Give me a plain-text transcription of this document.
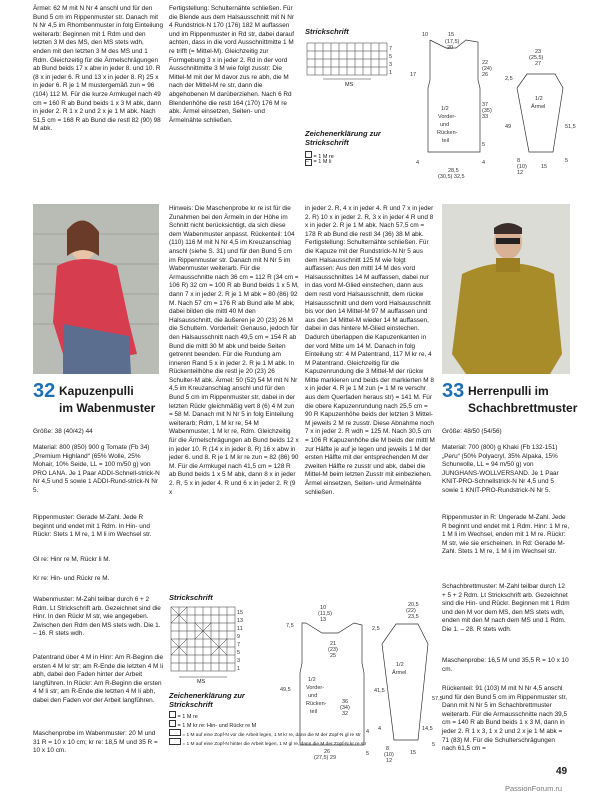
Ärmel: 62 M mit N Nr 4 anschl und für den Bund 5 cm im Rippenmuster str. Danach mit N Nr 4,5 im Rhombenmuster in folg Einteilung weiterarb: Beginnen mit 1 Rdm und den letzten 3 M des MS, den MS stets wdh, enden mit den letzten 3 M des MS und 1 Rdm. Gleichzeitig für die Ärmelschrägungen ab Bund beids 17 x abw in jeder 8. und 10. R (8 x in jeder 6. R und 13 x in jeder 8. R) 25 x in jeder 6. R je 1 M mustergemäß zun = 96 (104) 112 M. Für die kurze Armkugel nach 49 cm = 160 R ab Bund beids 1 x 3 M abk, dann in jeder 2. R 1 x 2 und 2 x je 1 M abk. Nach 51,5 cm = 168 R ab Bund die restl 82 (90) 98 M abk.

Fertigstellung: Schulternähte schließen. Für die Blende aus dem Halsausschnitt mit N Nr 4 Rundstrick-N 170 (176) 182 M auffassen und im Rippenmuster in Rd str, dabei darauf achten, dass in die vord Ausschnittmitte 1 M re trifft (= Mittel-M). Gleichzeitig zur Formgebung 3 x in jeder 2. Rd in der vord Ausschnittmitte 3 M wie folgt zusstr: Die Mittel-M mit der M davor zus re abh, die M nach der Mittel-M re str, dann die abgehobenen M darüberziehen. Nach 6 Rd Blendenhöhe die restl 164 (170) 176 M re abk. Ärmel einsetzen, Seiten- und Ärmelnähte schließen.

Strickschrift
7
5
3
1
MS
Zeichenerklärung zur Strickschrift
= 1 M re
– = 1 M li
10	15
(17,5)
20
17
22
(24)
26
37
(35)
33
4	4
28,5
(30,5) 32,5
5
1/2
Vorder-
und
Rücken-
teil
23
(25,5)
27
2,5
49	51,5
1/2
Ärmel
8
(10)
12
15
5
32 Kapuzenpulli
im Wabenmuster

Größe: 38 (40/42) 44

Material: 800 (850) 900 g Tomate (Fb 34) „Premium Highland“ (65% Wolle, 25% Mohair, 10% Seide, LL = 100 m/50 g) von PRO LANA. Je 1 Paar ADDI-Schnell-strick-N Nr 4,5 und 5 sowie 1 ADDI-Rund-strick-N Nr 5.

Rippenmuster: Gerade M-Zahl. Jede R beginnt und endet mit 1 Rdm. In Hin- und Rückr: Stets 1 M re, 1 M li im Wechsel str.

Gl re: Hinr re M, Rückr li M.

Kr re: Hin- und Rückr re M.

Wabenmuster: M-Zahl teilbar durch 6 + 2 Rdm. Lt Strickschrift arb. Gezeichnet sind die Hinr. In den Rückr M str, wie angegeben. Zwischen den Rdm den MS stets wdh. Die 1. – 16. R stets wdh.

Patentrand über 4 M in Hinr: Am R-Beginn die ersten 4 M kr str; am R-Ende die letzten 4 M li abh, dabei den Faden hinter der Arbeit langführen. In Rückr: Am R-Beginn die ersten 4 M li str; am R-Ende die letzten 4 M li abh, dabei den Faden vor der Arbeit langführen.

Maschenprobe im Wabenmuster: 20 M und 31 R = 10 x 10 cm; kr re: 18,5 M und 35 R = 10 x 10 cm.

Hinweis: Die Maschenprobe kr re ist für die Zunahmen bei den Ärmeln in der Höhe im Schnitt nicht berücksichtigt, da sich diese dem Wabenmuster anpasst. Rückenteil: 104 (110) 116 M mit N Nr 4,5 im Kreuzanschlag anschl (siehe S. 31) und für den Bund 5 cm im Rippenmuster str. Danach mit N Nr 5 im Wabenmuster weiterarb. Für die Armausschnitte nach 36 cm = 112 R (34 cm = 106 R) 32 cm = 100 R ab Bund beids 1 x 5 M, dann 7 x in jeder 2. R je 1 M abk = 80 (86) 92 M. Nach 57 cm = 176 R ab Bund alle M abk, dabei bilden die mittl 40 M den Halsausschnitt, die äußeren je 20 (23) 26 M die Schultern. Vorderteil: Genauso, jedoch für den Halsausschnitt nach 49,5 cm = 154 R ab Bund die mittl 30 M abk und beide Seiten getrennt beenden. Für die Rundung am inneren Rand 5 x in jeder 2. R je 1 M abk. In Rückenteilhöhe die restl je 20 (23) 26 Schulter-M abk. Ärmel: 50 (52) 54 M mit N Nr 4,5 im Kreuzanschlag anschl und für den Bund 5 cm im Rippenmuster str, dabei in der letzten Rückr gleichmäßig vert 8 (6) 4 M zun = 58 M. Danach mit N Nr 5 in folg Einteilung weiterarb: Rdm, 1 M kr re, 54 M Wabenmuster, 1 M kr re, Rdm. Gleichzeitig für die Ärmelschrägungen ab Bund beids 12 x in jeder 10. R (14 x in jeder 8. R) 16 x abw in jeder 6. und 8. R je 1 M kr re zun = 82 (86) 90 M. Für die Armkugel nach 41,5 cm = 128 R ab Bund beids 1 x 5 M abk, dann 8 x in jeder 2. R, 5 x in jeder 4. R und 6 x in jeder 2. R (9 x

in jeder 2. R, 4 x in jeder 4. R und 7 x in jeder 2. R) 10 x in jeder 2. R, 3 x in jeder 4 R und 8 x in jeder 2. R je 1 M abk. Nach 57,5 cm = 178 R ab Bund die restl 34 (36) 38 M abk. Fertigstellung: Schulternähte schließen. Für die Kapuze mit der Rundstrick-N Nr 5 aus dem Halsausschnitt 125 M wie folgt auffassen: Aus den mittl 14 M des vord Halsausschnittes 14 M auffassen, dabei nur in das vord M-Glied einstechen, dann aus dem restl vord Halsausschnitt, dem rückw Halsausschnitt und dem vord Halsausschnitt bis vor den 14 Mittel-M 97 M auffassen und aus den 14 Mittel-M wieder 14 M auffassen, dabei in das hintere M-Glied einstechen. Dadurch überlappen die Kapuzenkanten in der vord Mitte um 14 M. Danach in folg Einteilung str: 4 M Patentrand, 117 M kr re, 4 M Patentrand. Gleichzeitig für die Kapuzenrundung die 3 Mittel-M der rückw Mitte markieren und beids der markierten M 8 x in jeder 4. R je 1 M zun (= 1 M re verschr aus dem Querfaden heraus str) = 141 M. Für die obere Kapuzenrundung nach 25,5 cm = 90 R Kapuzenhöhe beids der letzten 3 Mittel-M jeweils 2 M re zusstr. Diese Abnahme noch 7 x in jeder 2. R wdh = 125 M. Nach 30,5 cm = 106 R Kapuzenhöhe die M beids der mittl M zur Hälfte je auf je legen und jeweils 1 M der ersten Hälfte mit der entsprechenden M der zweiten Hälfte re zusstr und abk, dabei die Mittel-M beim letzten Zusstr mit einbeziehen. Ärmel einsetzen, Seiten- und Ärmelnähte schließen.

33 Herrenpulli im
Schachbrettmuster

Größe: 48/50 (54/56)

Material: 700 (800) g Khaki (Fb 132-151) „Peru“ (50% Polyacryl, 35% Alpaka, 15% Schurwolle, LL = 94 m/50 g) von JUNGHANS-WOLLVERSAND. Je 1 Paar KNIT-PRO-Schnellstrick-N Nr 4,5 und 5 sowie 1 KNIT-PRO-Rundstrick-N Nr 5.

Rippenmuster in R: Ungerade M-Zahl. Jede R beginnt und endet mit 1 Rdm. Hinr: 1 M re, 1 M li im Wechsel, enden mit 1 M re. Rückr: M str, wie sie erscheinen. In Rd: Gerade M-Zahl. Stets 1 M re, 1 M li im Wechsel str.

Schachbrettmuster: M-Zahl teilbar durch 12 + 5 + 2 Rdm. Lt Strickschrift arb. Gezeichnet sind die Hin- und Rückr. Beginnen mit 1 Rdm und den M vor dem MS, den MS stets wdh, enden mit den M nach dem MS und 1 Rdm. Die 1. – 28. R stets wdh.

Maschenprobe: 16,5 M und 35,5 R = 10 x 10 cm.

Rückenteil: 91 (103) M mit N Nr 4,5 anschl und für den Bund 5 cm im Rippenmuster str, Dann mit N Nr 5 im Schachbrettmuster weiterarb. Für die Armausschnitte nach 39,5 cm = 140 R ab Bund beids 1 x 3 M, dann in jeder 2. R 1 x 3, 1 x 2 und 2 x je 1 M abk = 71 (83) M. Für die Schulterschrägungen nach 61,5 cm =

Strickschrift
15
13
11
9
7
5
3
1
MS
Zeichenerklärung zur Strickschrift
= 1 M re
= 1 M kr re: Hin- und Rückr re M
= 1 M auf eine Zopf-N vor die Arbeit legen, 1 M kr re, dann die M der Zopf-N gl re str
= 1 M auf eine Zopf-N hinter die Arbeit legen, 1 M gl re, dann die M der Zopf-N kr re str
10
(11,5)
13
7,5
21
(23)
25
49,5
36
(34)
32
4
5
26
(27,5) 29
1/2
Vorder-
und
Rücken-
teil
20,5
(22)
23,5
2,5
41,5
57,5
1/2
Ärmel
14,5
5
4
8
(10)
12
15
49
PassionForum.ru
